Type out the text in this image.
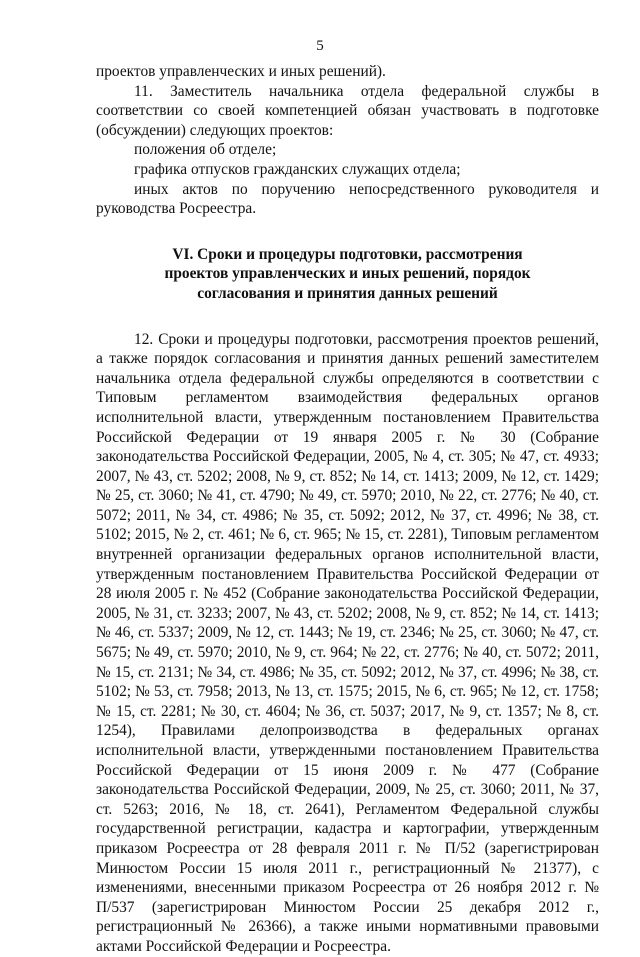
5

проектов управленческих и иных решений).

11. Заместитель начальника отдела федеральной службы в соответствии со своей компетенцией обязан участвовать в подготовке (обсуждении) следующих проектов:

положения об отделе;

графика отпусков гражданских служащих отдела;

иных актов по поручению непосредственного руководителя и руководства Росреестра.

VI. Сроки и процедуры подготовки, рассмотрения
проектов управленческих и иных решений, порядок
согласования и принятия данных решений

12. Сроки и процедуры подготовки, рассмотрения проектов решений, а также порядок согласования и принятия данных решений заместителем начальника отдела федеральной службы определяются в соответствии с Типовым регламентом взаимодействия федеральных органов исполнительной власти, утвержденным постановлением Правительства Российской Федерации от 19 января 2005 г. № 30 (Собрание законодательства Российской Федерации, 2005, № 4, ст. 305; № 47, ст. 4933; 2007, № 43, ст. 5202; 2008, № 9, ст. 852; № 14, ст. 1413; 2009, № 12, ст. 1429; № 25, ст. 3060; № 41, ст. 4790; № 49, ст. 5970; 2010, № 22, ст. 2776; № 40, ст. 5072; 2011, № 34, ст. 4986; № 35, ст. 5092; 2012, № 37, ст. 4996; № 38, ст. 5102; 2015, № 2, ст. 461; № 6, ст. 965; № 15, ст. 2281), Типовым регламентом внутренней организации федеральных органов исполнительной власти, утвержденным постановлением Правительства Российской Федерации от 28 июля 2005 г. № 452 (Собрание законодательства Российской Федерации, 2005, № 31, ст. 3233; 2007, № 43, ст. 5202; 2008, № 9, ст. 852; № 14, ст. 1413; № 46, ст. 5337; 2009, № 12, ст. 1443; № 19, ст. 2346; № 25, ст. 3060; № 47, ст. 5675; № 49, ст. 5970; 2010, № 9, ст. 964; № 22, ст. 2776; № 40, ст. 5072; 2011, № 15, ст. 2131; № 34, ст. 4986; № 35, ст. 5092; 2012, № 37, ст. 4996; № 38, ст. 5102; № 53, ст. 7958; 2013, № 13, ст. 1575; 2015, № 6, ст. 965; № 12, ст. 1758; № 15, ст. 2281; № 30, ст. 4604; № 36, ст. 5037; 2017, № 9, ст. 1357; № 8, ст. 1254), Правилами делопроизводства в федеральных органах исполнительной власти, утвержденными постановлением Правительства Российской Федерации от 15 июня 2009 г. № 477 (Собрание законодательства Российской Федерации, 2009, № 25, ст. 3060; 2011, № 37, ст. 5263; 2016, № 18, ст. 2641), Регламентом Федеральной службы государственной регистрации, кадастра и картографии, утвержденным приказом Росреестра от 28 февраля 2011 г. № П/52 (зарегистрирован Минюстом России 15 июля 2011 г., регистрационный № 21377), с изменениями, внесенными приказом Росреестра от 26 ноября 2012 г. № П/537 (зарегистрирован Минюстом России 25 декабря 2012 г., регистрационный № 26366), а также иными нормативными правовыми актами Российской Федерации и Росреестра.
